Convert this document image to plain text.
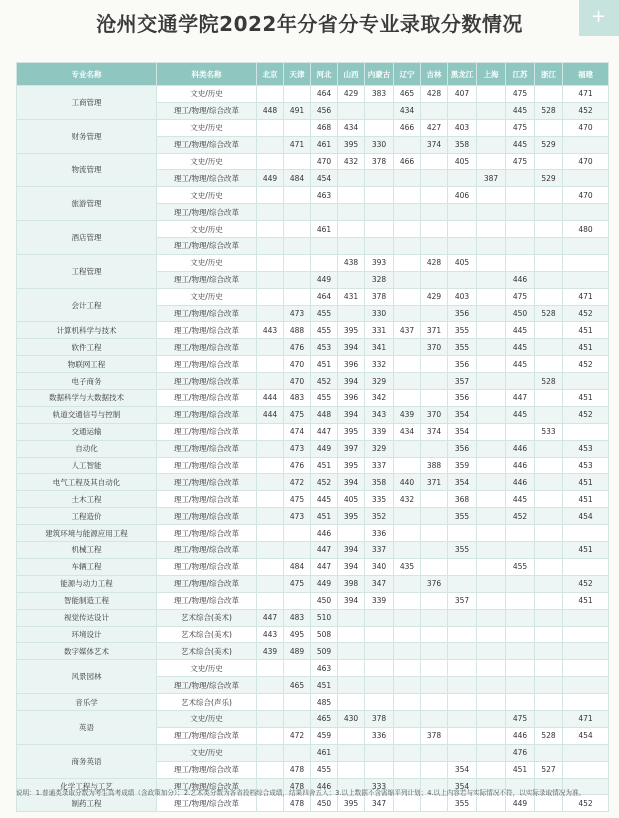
沧州交通学院2022年分省分专业录取分数情况	+
专业名称	科类名称	北京	天津	河北	山西	内蒙古	辽宁	吉林	黑龙江	上海	江苏	浙江	福建
工商管理	文史/历史			464	429	383	465	428	407		475		471
	理工/物理/综合改革	448	491	456			434				445	528	452
财务管理	文史/历史			468	434		466	427	403		475		470
	理工/物理/综合改革		471	461	395	330		374	358		445	529	
物流管理	文史/历史			470	432	378	466		405		475		470
	理工/物理/综合改革	449	484	454						387		529	
旅游管理	文史/历史			463					406				470
	理工/物理/综合改革												
酒店管理	文史/历史			461									480
	理工/物理/综合改革												
工程管理	文史/历史				438	393		428	405				
	理工/物理/综合改革			449		328					446		
会计工程	文史/历史			464	431	378		429	403		475		471
	理工/物理/综合改革		473	455		330			356		450	528	452
计算机科学与技术	理工/物理/综合改革	443	488	455	395	331	437	371	355		445		451
软件工程	理工/物理/综合改革		476	453	394	341		370	355		445		451
物联网工程	理工/物理/综合改革		470	451	396	332			356		445		452
电子商务	理工/物理/综合改革		470	452	394	329			357			528	
数据科学与大数据技术	理工/物理/综合改革	444	483	455	396	342			356		447		451
轨道交通信号与控制	理工/物理/综合改革	444	475	448	394	343	439	370	354		445		452
交通运输	理工/物理/综合改革		474	447	395	339	434	374	354			533	
自动化	理工/物理/综合改革		473	449	397	329			356		446		453
人工智能	理工/物理/综合改革		476	451	395	337		388	359		446		453
电气工程及其自动化	理工/物理/综合改革		472	452	394	358	440	371	354		446		451
土木工程	理工/物理/综合改革		475	445	405	335	432		368		445		451
工程造价	理工/物理/综合改革		473	451	395	352			355		452		454
建筑环境与能源应用工程	理工/物理/综合改革			446		336							
机械工程	理工/物理/综合改革			447	394	337			355				451
车辆工程	理工/物理/综合改革		484	447	394	340	435				455		
能源与动力工程	理工/物理/综合改革		475	449	398	347		376					452
智能制造工程	理工/物理/综合改革			450	394	339			357				451
视觉传达设计	艺术综合(美术)	447	483	510									
环境设计	艺术综合(美术)	443	495	508									
数字媒体艺术	艺术综合(美术)	439	489	509									
风景园林	文史/历史			463									
	理工/物理/综合改革		465	451									
音乐学	艺术综合(声乐)			485									
英语	文史/历史			465	430	378					475		471
	理工/物理/综合改革		472	459		336		378			446	528	454
商务英语	文史/历史			461							476		
	理工/物理/综合改革		478	455					354		451	527	
化学工程与工艺	理工/物理/综合改革		478	446		333			354				
制药工程	理工/物理/综合改革		478	450	395	347			355		449		452
说明：1.普通类录取分数为考生高考成绩（含政策加分）；2.艺术类分数为各省投档综合成绩，结果四舍五入；3.以上数据不含需缩平列计划；4.以上内容若与实际情况不符，以实际录取情况为准。
